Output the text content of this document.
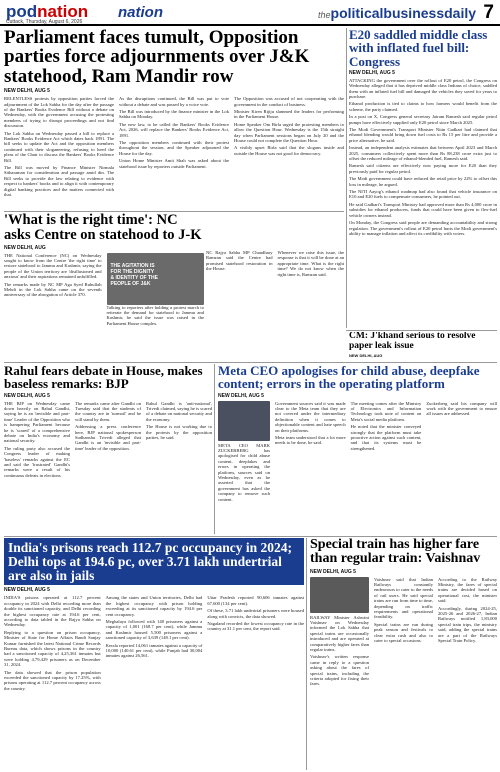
podnation
Cuttack, Thursday, August 6, 2026
nation	thepoliticalbusinessdaily 7
Parliament faces tumult, Opposition parties force adjournments over J&K statehood, Ram Mandir row
NEW DELHI, AUG 5

RELENTLESS protests by opposition parties forced the adjournment of the Lok Sabha for the day after the passage of the Bankers' Books Evidence Bill without a debate on Wednesday, with the government accusing the protesting members of trying to disrupt proceedings and not find discussion.

The Lok Sabha on Wednesday passed a bill to replace a Bankers' Books Evidence Act which dates back 1891. The bill seeks to update the Act and the opposition members continued with their sloganeering, refusing to heed the pleas of the Chair to discuss the Bankers' Books Evidence Bill.

The Bill was moved by Finance Minister Nirmala Sitharaman for consideration and passage amid din. The Bill seeks to provide the law relating to evidence with respect to bankers' books and to align it with contemporary digital banking practices and the matters connected with that.

As the disruptions continued, the Bill was put to vote without a debate and was passed by a voice vote.

The Bill was introduced by the finance minister in the Lok Sabha on Monday.

The new law, to be called the Bankers' Books Evidence Act, 2026, will replace the Bankers' Books Evidence Act, 1891.

The opposition members continued with their protest throughout the session, and the Speaker adjourned the House for the day.

Union Home Minister Amit Shah was asked about the statehood issue by reporters outside Parliament.

The Opposition was accused of not cooperating with the government in the conduct of business.

Minister Kiren Rijiju slammed the leaders for performing in the Parliament House.

Home Speaker Om Birla urged the protesting members to allow the Question Hour. Wednesday is the 15th straight day when Parliament sessions began on July 20 and the House could not complete the Question Hour.

A visibly upset Birla said that the slogans inside and outside the House was not good for democracy.

E20 saddled middle class with inflated fuel bill: Congress
NEW DELHI, AUG 5

ATTACKING the government over the rollout of E20 petrol, the Congress on Wednesday alleged that it has deprived middle class Indians of choice, saddled them with an inflated fuel bill and damaged the vehicles they saved for years to purchase.

Ethanol production is tied to claims to how farmers would benefit from the scheme, the party claimed.

In a post on X, Congress general secretary Jairam Ramesh said regular petrol pumps have effectively supplied only E20 petrol since March 2025.

The Modi Government's Transport Minister Nitin Gadkari had claimed that ethanol blending would bring down fuel costs to Rs 15 per litre and provide a price alternative, he said.

Instead, an independent analysis estimates that between April 2023 and March 2025, consumers collectively spent more than Rs 88,238 crore extra just to offset the reduced mileage of ethanol-blended fuel, Ramesh said.

Ramesh said citizens are effectively now paying more for E20 than they previously paid for regular petrol.

The Modi government could have reduced the retail price by 22% to offset this loss in mileage, he argued.

The NITI Aayog's ethanol roadmap had also found that vehicle insurance on E10 and E20 fuels to compensate consumers, he pointed out.

He said Gadkari's Transport Ministry had approved more than Rs 4,000 crore in subsidies for ethanol producers, funds that could have been given to flex-fuel vehicle owners instead.

On Monday, the Congress said people are demanding accountability and strong regulation. The government's rollout of E20 petrol hurts the Modi government's ability to manage inflation and affect its credibility with voters.

'What is the right time': NC asks Centre on statehood to J-K
NEW DELHI, AUG

THE National Conference (NC) on Wednesday sought to know from the Centre 'the right time' to restore statehood to Jammu and Kashmir, saying the people of the Union territory are 'disillusioned and anxious' and their aspirations remained unfulfilled.

The remarks made by NC MP Aga Syed Ruhullah Mehdi in the Lok Sabha came on the seventh anniversary of the abrogation of Article 370.

THE AGITATION IS
FOR THE DIGNITY
& IDENTITY OF THE
PEOPLE OF J&K

Talking to reporters after holding a protest march to reiterate the demand for statehood to Jammu and Kashmir, he said the issue was raised in the Parliament House complex.

NC Rajya Sabha MP Chaudhary Ramzan said the Centre had promised statehood restoration in the House.

Whenever we raise this issue, the response is that it will be done at an appropriate time. What is the right time? We do not know when the right time is, Ramzan said.

Rahul fears debate in House, makes baseless remarks: BJP
NEW DELHI, AUG 5

THE BJP on Wednesday came down heavily on Rahul Gandhi, saying he is an 'invisible and part-time' Leader of the Opposition who is hampering Parliament because he is 'scared' of a comprehensive debate on India's economy and national security.

The ruling party also accused the Congress leader of making 'baseless' remarks against the EC and said the 'frustrated' Gandhi's remarks were a result of his continuous defeats in elections.

The remarks came after Gandhi on Tuesday said that the students of the country are in 'turmoil' and he will stand by them.

Addressing a press conference here, BJP national spokesperson Sudhanshu Trivedi alleged that Gandhi is an 'invisible and part-time' leader of the opposition.

Rahul Gandhi is 'anti-national', Trivedi claimed, saying he is scared of a debate on national security and the economy.

The House is not working due to the protests by the opposition parties, he said.

Meta CEO apologises for child abuse, deepfake content; errors in the operating platform
NEW DELHI, AUG 5

META CEO MARK ZUCKERBERG has apologised for child abuse content, deepfakes and errors in operating the platform, sources said on Wednesday, even as he asserted that the government has asked the company to remove such content.

Government sources said it was made clear to the Meta team that they are not covered under the intermediary definition when it comes to objectionable content and hate speech on their platforms.

Meta team understood that a lot more needs to be done, he said.

The meeting comes after the Ministry of Electronics and Information Technology took note of content on Meta's social media platform.

He noted that the minister conveyed strongly that the platform must take proactive action against such content, and that its systems must be strengthened.

Zuckerberg said his company will work with the government to ensure all issues are addressed.

India's prisons reach 112.7 pc occupancy in 2024; Delhi tops at 194.6 pc, over 3.71 lakh undertrial are also in jails
NEW DELHI, AUG 5

INDIA'S prisons operated at 112.7 percent occupancy in 2024 with Delhi recording more than double its sanctioned capacity, and Delhi recording the highest occupancy rate at 194.6 per cent, according to data tabled in the Rajya Sabha on Wednesday.

Replying to a question on prison occupancy, Minister of State for Home Affairs Bandi Sanjay Kumar furnished the latest National Crime Records Bureau data, which shows prisons in the country had a sanctioned capacity of 4,25,361 inmates but were holding 4,79,429 prisoners as on December 31, 2024.

The data showed that the prison population exceeded the sanctioned capacity by 17.25%, with prisons operating at 112.7 percent occupancy across the country.

Among the states and Union territories, Delhi had the highest occupancy with prison holding exceeding at its sanctioned capacity by 194.6 per cent occupancy.

Meghalaya followed with 148 prisoners against a capacity of 1,001 (168.7 per cent), while Jammu and Kashmir housed 5,500 prisoners against a sanctioned capacity of 3,639 (148.1 per cent).

Kerala reported 14,061 inmates against a capacity of 10,000 (140.61 per cent), while Punjab had 30,004 inmates against 26,561.

Uttar Pradesh reported 90,606 inmates against 67,600 (134 per cent).

Of these, 3.71 lakh undertrial prisoners were housed along with convicts, the data showed.

Nagaland recorded the lowest occupancy rate in the country at 31.1 per cent, the report said.

Special train has higher fare than regular train: Vaishnav
NEW DELHI, AUG 5

RAILWAY Minister Ashwini Vaishnav on Wednesday informed the Lok Sabha that special trains are occasionally introduced and are operated at comparatively higher fares than regular trains.

Vaishnav's written response came in reply to a question asking about the fares of special trains, including the criteria adopted for fixing their fares.

Vaishnav said that Indian Railways constantly endeavours to cater to the needs of rail users. He said special trains are run from time to time, depending on traffic requirements and operational feasibility.

Special trains are run during peak season and festivals to clear extra rush and also to cater to special occasions.

According to the Railway Ministry, the fares of special trains are decided based on operational cost, the minister said.

Accordingly, during 2024-25, 2025-26 and 2026-27, Indian Railways notified 1,83,000 special train trips, the ministry said, adding the special trains are a part of the Railways Special Train Policy.

CM: J'khand serious to resolve paper leak issue
NEW DELHI, AUG
